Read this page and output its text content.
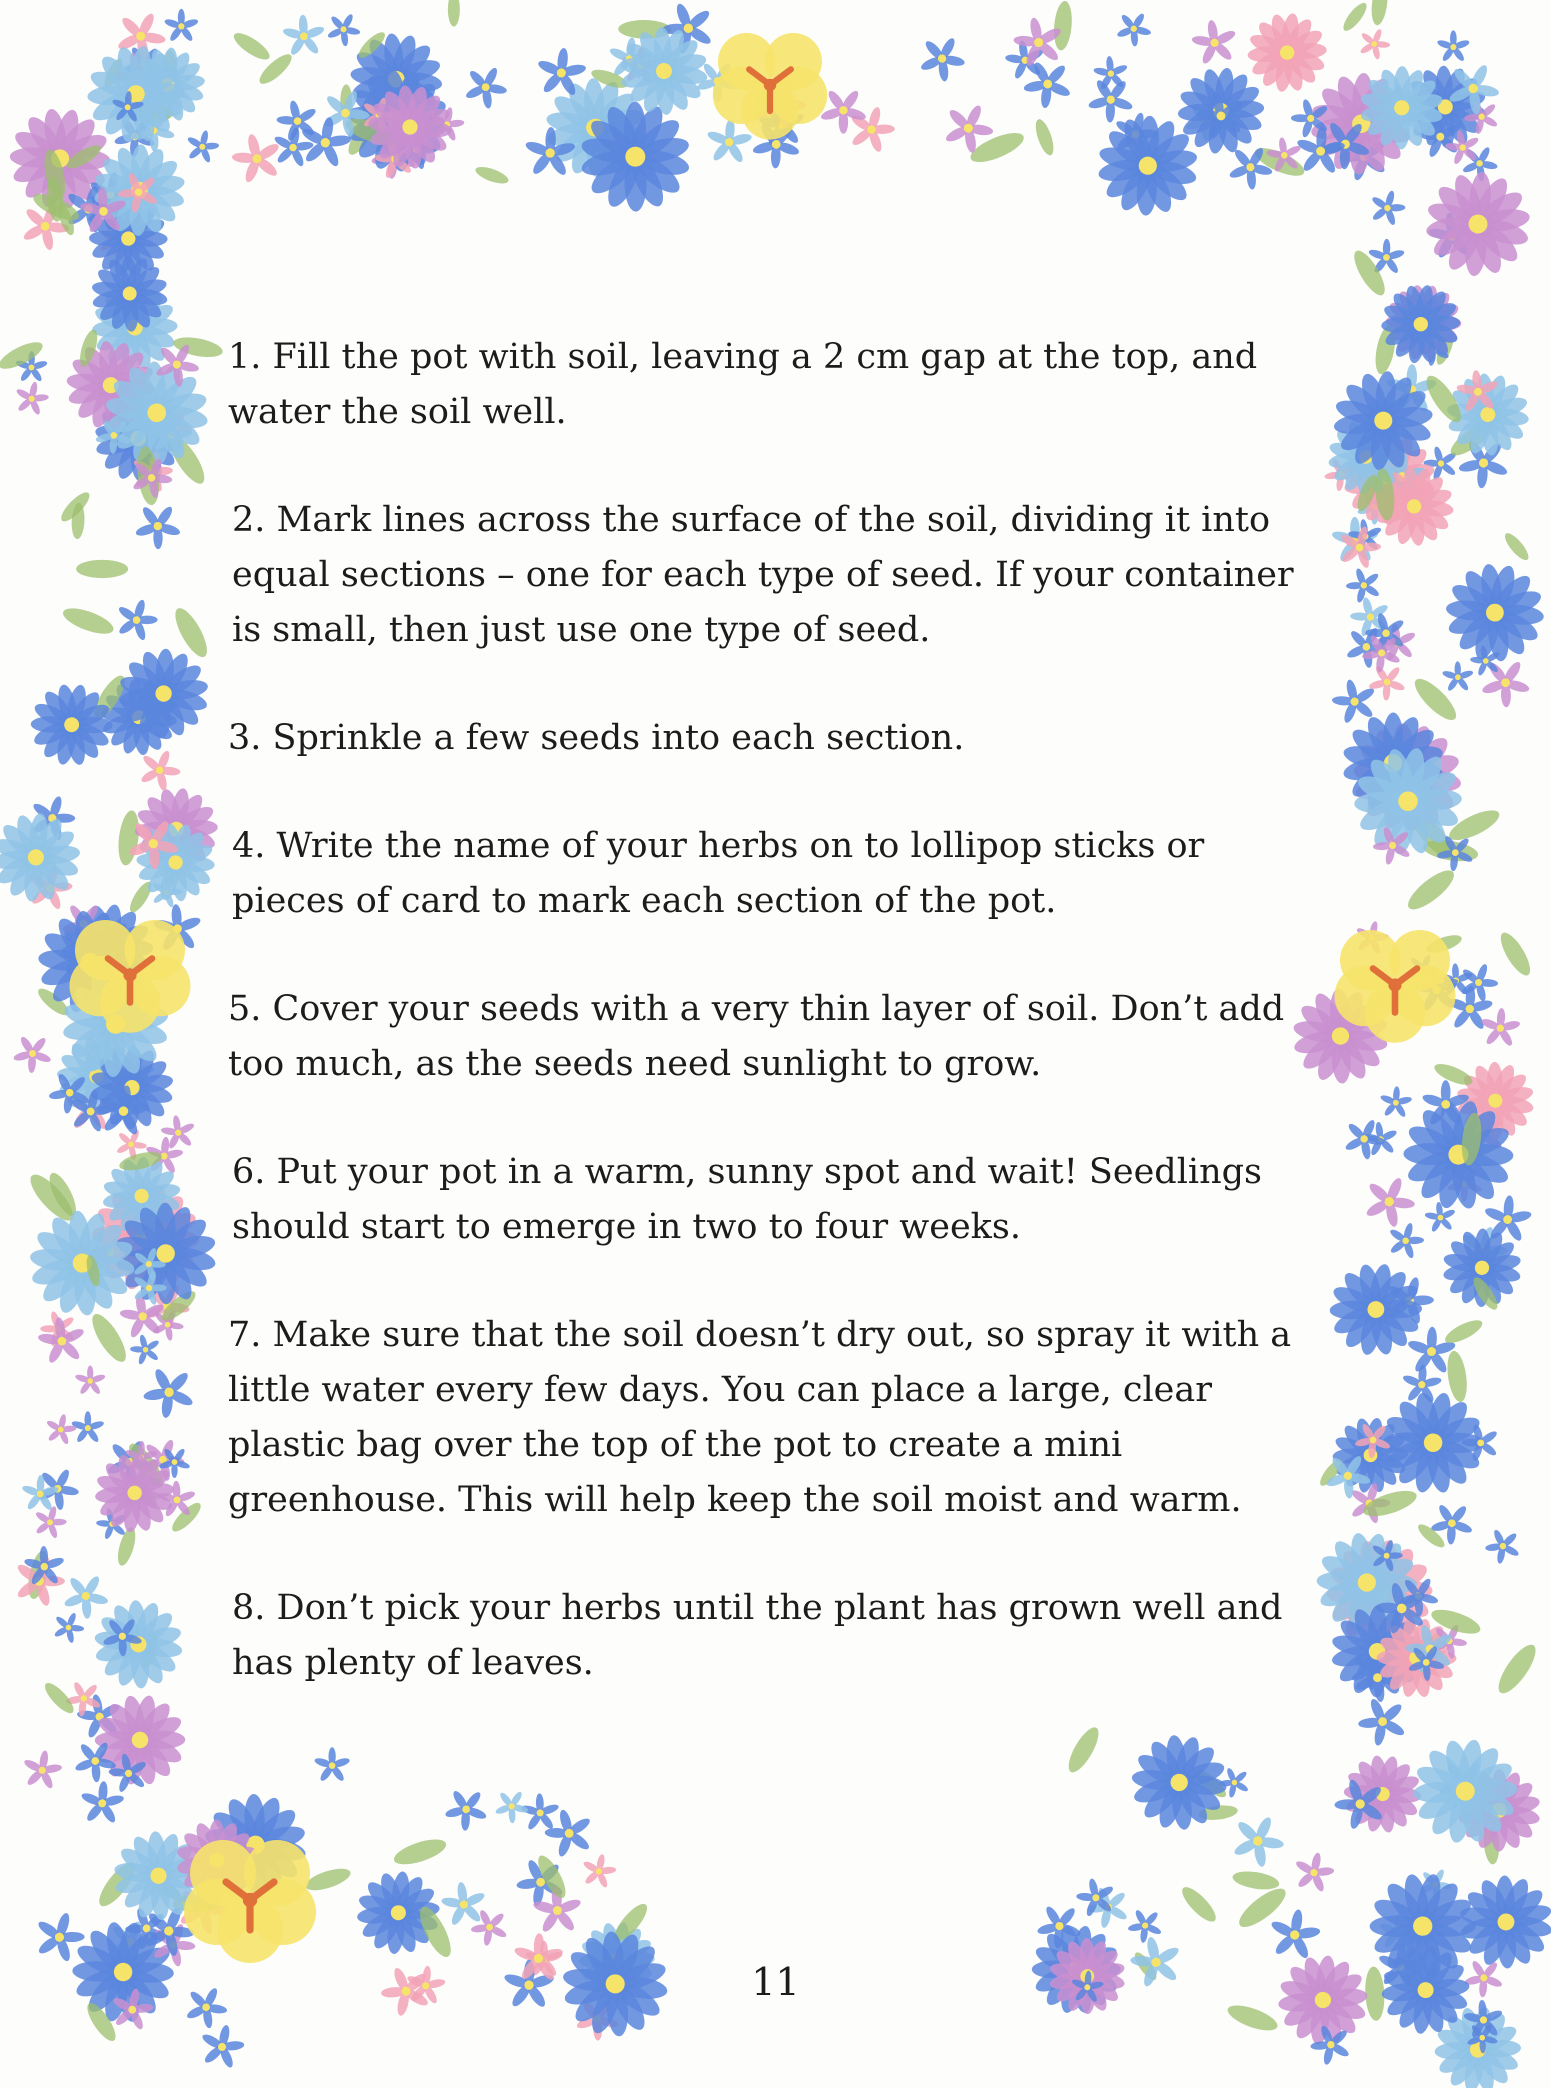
1. Fill the pot with soil, leaving a 2 cm gap at the top, and water the soil well.

2. Mark lines across the surface of the soil, dividing it into equal sections – one for each type of seed. If your container is small, then just use one type of seed.

3. Sprinkle a few seeds into each section.

4. Write the name of your herbs on to lollipop sticks or pieces of card to mark each section of the pot.

5. Cover your seeds with a very thin layer of soil. Don’t add too much, as the seeds need sunlight to grow.

6. Put your pot in a warm, sunny spot and wait! Seedlings should start to emerge in two to four weeks.

7. Make sure that the soil doesn’t dry out, so spray it with a little water every few days. You can place a large, clear plastic bag over the top of the pot to create a mini greenhouse. This will help keep the soil moist and warm.

8. Don’t pick your herbs until the plant has grown well and has plenty of leaves.

11
